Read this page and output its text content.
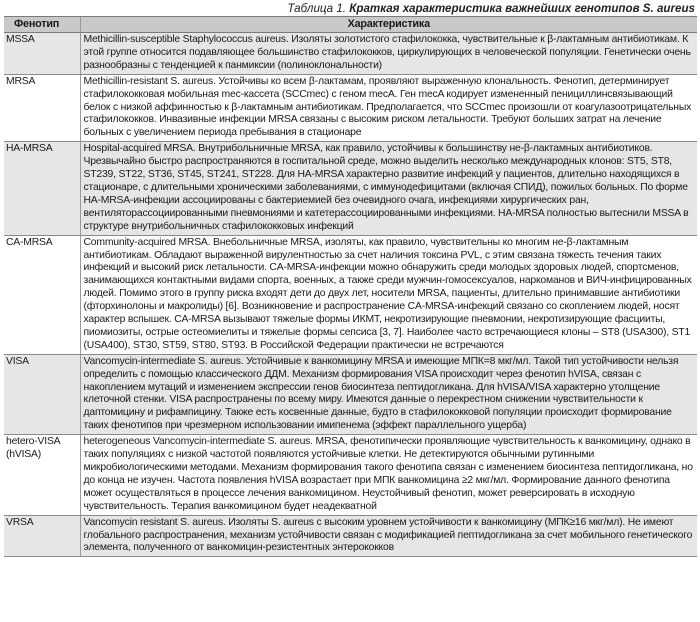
Таблица 1. Краткая характеристика важнейших генотипов S. aureus
Фенотип	Характеристика
MSSA	Methicillin-susceptible Staphylococcus aureus. Изоляты золотистого стафилококка, чувствительные к β-лактамным антибиотикам. К этой группе относится подавляющее большинство стафилококков, циркулирующих в человеческой популяции. Генетически очень разнообразны с тенденцией к панмиксии (полиноклональности)
MRSA	Methicillin-resistant S. aureus. Устойчивы ко всем β-лактамам, проявляют выраженную клональность. Фенотип, детерминирует стафилококковая мобильная mec-кассета (SCCmec) с геном mecA. Ген mecA кодирует измененный пенициллинсвязывающий белок с низкой аффинностью к β-лактамным антибиотикам. Предполагается, что SCCmec произошли от коагулазоотрицательных стафилококков. Инвазивные инфекции MRSA связаны с высоким риском летальности. Требуют больших затрат на лечение больных с увеличением периода пребывания в стационаре
HA-MRSA	Hospital-acquired MRSA. Внутрибольничные MRSA, как правило, устойчивы к большинству не-β-лактамных антибиотиков. Чрезвычайно быстро распространяются в госпитальной среде, можно выделить несколько международных клонов: ST5, ST8, ST239, ST22, ST36, ST45, ST241, ST228. Для HA-MRSA характерно развитие инфекций у пациентов, длительно находящихся в стационаре, с длительными хроническими заболеваниями, с иммунодефицитами (включая СПИД), пожилых больных. По форме HA-MRSA-инфекции ассоциированы с бактериемией без очевидного очага, инфекциями хирургических ран, вентиляторассоциированными пневмониями и катетерассоциированными инфекциями. HA-MRSA полностью вытеснили MSSA в структуре внутрибольничных стафилококковых инфекций
CA-MRSA	Community-acquired MRSA. Внебольничные MRSA, изоляты, как правило, чувствительны ко многим не-β-лактамным антибиотикам. Обладают выраженной вирулентностью за счет наличия токсина PVL, с этим связана тяжесть течения таких инфекций и высокий риск летальности. CA-MRSA-инфекции можно обнаружить среди молодых здоровых людей, спортсменов, занимающихся контактными видами спорта, военных, а также среди мужчин-гомосексуалов, наркоманов и ВИЧ-инфицированных людей. Помимо этого в группу риска входят дети до двух лет, носители MRSA, пациенты, длительно принимавшие антибиотики (фторхинолоны и макролиды) [6]. Возникновение и распространение CA-MRSA-инфекций связано со скоплением людей, носят характер вспышек. CA-MRSA вызывают тяжелые формы ИКМТ, некротизирующие пневмонии, некротизирующие фасцииты, пиомиозиты, острые остеомиелиты и тяжелые формы сепсиса [3, 7]. Наиболее часто встречающиеся клоны – ST8 (USA300), ST1 (USA400), ST30, ST59, ST80, ST93. В Российской Федерации практически не встречаются
VISA	Vancomycin-intermediate S. aureus. Устойчивые к ванкомицину MRSA и имеющие МПК=8 мкг/мл. Такой тип устойчивости нельзя определить с помощью классического ДДМ. Механизм формирования VISA происходит через фенотип hVISA, связан с накоплением мутаций и изменением экспрессии генов биосинтеза пептидогликана. Для hVISA/VISA характерно утолщение клеточной стенки. VISA распространены по всему миру. Имеются данные о перекрестном снижении чувствительности к даптомицину и рифампицину. Также есть косвенные данные, будто в стафилококковой популяции происходит формирование таких фенотипов при чрезмерном использовании имипенема (эффект параллельного ущерба)
hetero-VISA
(hVISA)	heterogeneous Vancomycin-intermediate S. aureus. MRSA, фенотипически проявляющие чувствительность к ванкомицину, однако в таких популяциях с низкой частотой появляются устойчивые клетки. Не детектируются обычными рутинными микробиологическими методами. Механизм формирования такого фенотипа связан с изменением биосинтеза пептидогликана, но до конца не изучен. Частота появления hVISA возрастает при МПК ванкомицина ≥2 мкг/мл. Формирование данного фенотипа может осуществляться в процессе лечения ванкомицином. Неустойчивый фенотип, может реверсировать в исходную чувствительность. Терапия ванкомицином будет неадекватной
VRSA	Vancomycin resistant S. aureus. Изоляты S. aureus с высоким уровнем устойчивости к ванкомицину (МПК≥16 мкг/мл). Не имеют глобального распространения, механизм устойчивости связан с модификацией пептидогликана за счет мобильного генетического элемента, полученного от ванкомицин-резистентных энтерококков
